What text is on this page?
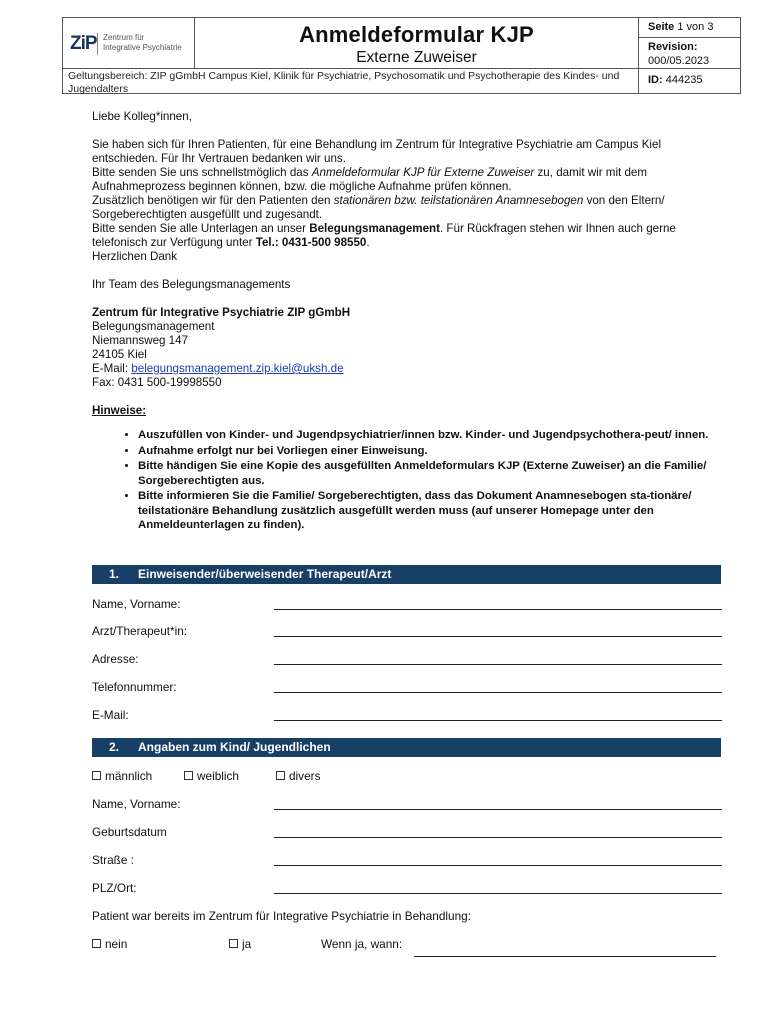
ZiP Zentrum für
Integrative Psychiatrie
Anmeldeformular KJP
Externe Zuweiser
Seite 1 von 3
Revision:
000/05.2023
Geltungsbereich: ZIP gGmbH Campus Kiel, Klinik für Psychiatrie, Psychosomatik und Psychotherapie des Kindes- und Jugendalters
ID: 444235

Liebe Kolleg*innen,

Sie haben sich für Ihren Patienten, für eine Behandlung im Zentrum für Integrative Psychiatrie am Campus Kiel entschieden. Für Ihr Vertrauen bedanken wir uns.

Bitte senden Sie uns schnellstmöglich das Anmeldeformular KJP für Externe Zuweiser zu, damit wir mit dem Aufnahmeprozess beginnen können, bzw. die mögliche Aufnahme prüfen können.

Zusätzlich benötigen wir für den Patienten den stationären bzw. teilstationären Anamnesebogen von den Eltern/ Sorgeberechtigten ausgefüllt und zugesandt.

Bitte senden Sie alle Unterlagen an unser Belegungsmanagement. Für Rückfragen stehen wir Ihnen auch gerne telefonisch zur Verfügung unter Tel.: 0431-500 98550.

Herzlichen Dank

Ihr Team des Belegungsmanagements

Zentrum für Integrative Psychiatrie ZIP gGmbH

Belegungsmanagement

Niemannsweg 147

24105 Kiel

E-Mail: belegungsmanagement.zip.kiel@uksh.de

Fax: 0431 500-19998550

Hinweise:

• Auszufüllen von Kinder- und Jugendpsychiatrier/innen bzw. Kinder- und Jugendpsychothera-peut/ innen.
• Aufnahme erfolgt nur bei Vorliegen einer Einweisung.
• Bitte händigen Sie eine Kopie des ausgefüllten Anmeldeformulars KJP (Externe Zuweiser) an die Familie/ Sorgeberechtigten aus.
• Bitte informieren Sie die Familie/ Sorgeberechtigten, dass das Dokument Anamnesebogen sta-tionäre/ teilstationäre Behandlung zusätzlich ausgefüllt werden muss (auf unserer Homepage unter den Anmeldeunterlagen zu finden).
1. Einweisender/überweisender Therapeut/Arzt
Name, Vorname:
Arzt/Therapeut*in:
Adresse:
Telefonnummer:
E-Mail:
2. Angaben zum Kind/ Jugendlichen
männlich	weiblich	divers
Name, Vorname:
Geburtsdatum
Straße :
PLZ/Ort:
Patient war bereits im Zentrum für Integrative Psychiatrie in Behandlung:
nein	ja	Wenn ja, wann:
